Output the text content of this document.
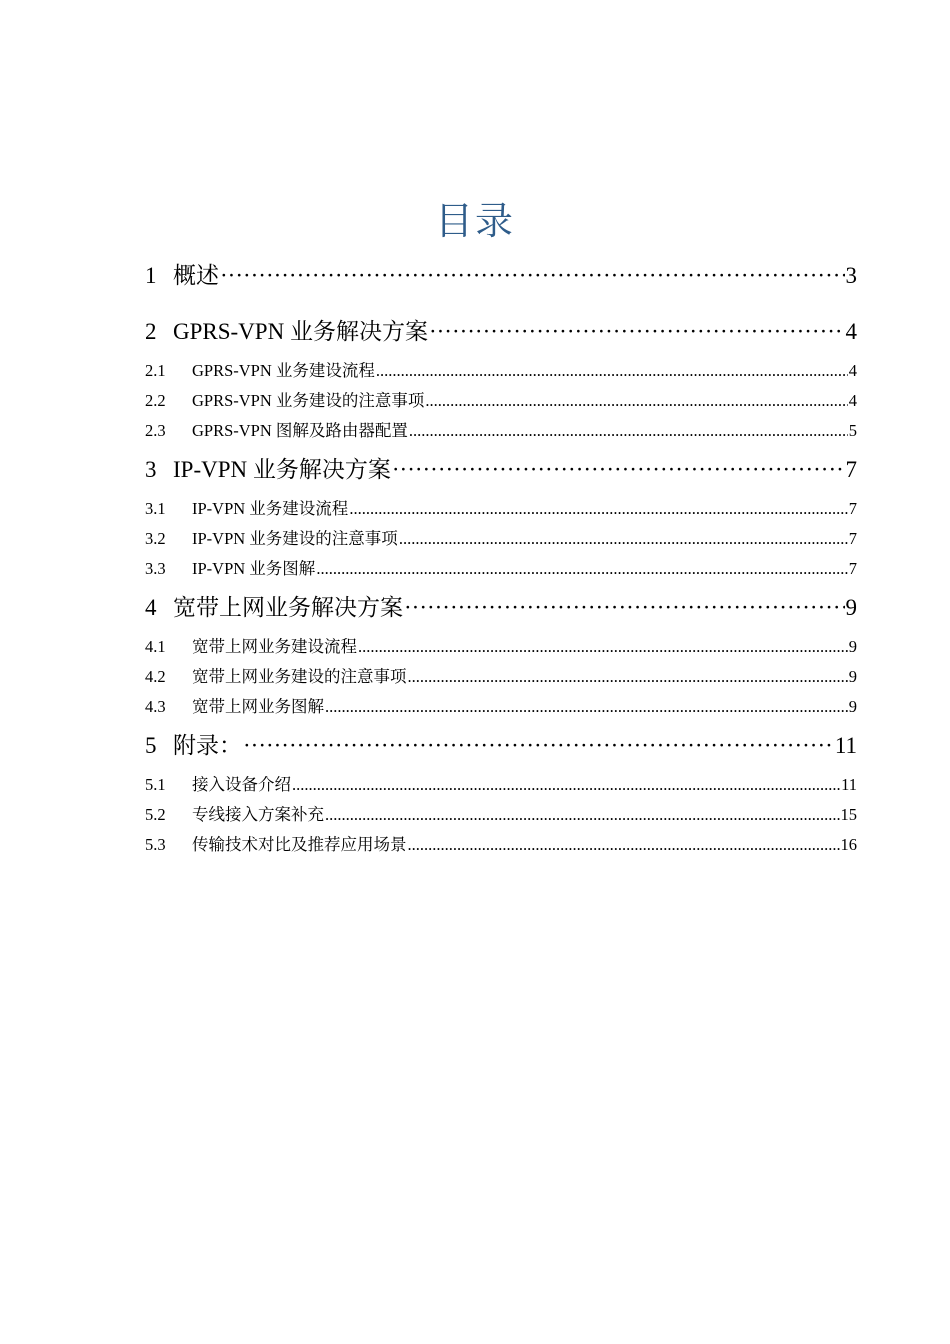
目录
1 概述 ·····	3
2 GPRS-VPN 业务解决方案 ·····	4
2.1	GPRS-VPN 业务建设流程 .....	4
2.2	GPRS-VPN 业务建设的注意事项 .....	4
2.3	GPRS-VPN 图解及路由器配置 .....	5
3 IP-VPN 业务解决方案 ·····	7
3.1	IP-VPN 业务建设流程 .....	7
3.2	IP-VPN 业务建设的注意事项 .....	7
3.3	IP-VPN 业务图解 .....	7
4 宽带上网业务解决方案 ·····	9
4.1	宽带上网业务建设流程 .....	9
4.2	宽带上网业务建设的注意事项 .....	9
4.3	宽带上网业务图解 .....	9
5 附录： ·····	11
5.1	接入设备介绍 .....	11
5.2	专线接入方案补充 .....	15
5.3	传输技术对比及推荐应用场景 .....	16
